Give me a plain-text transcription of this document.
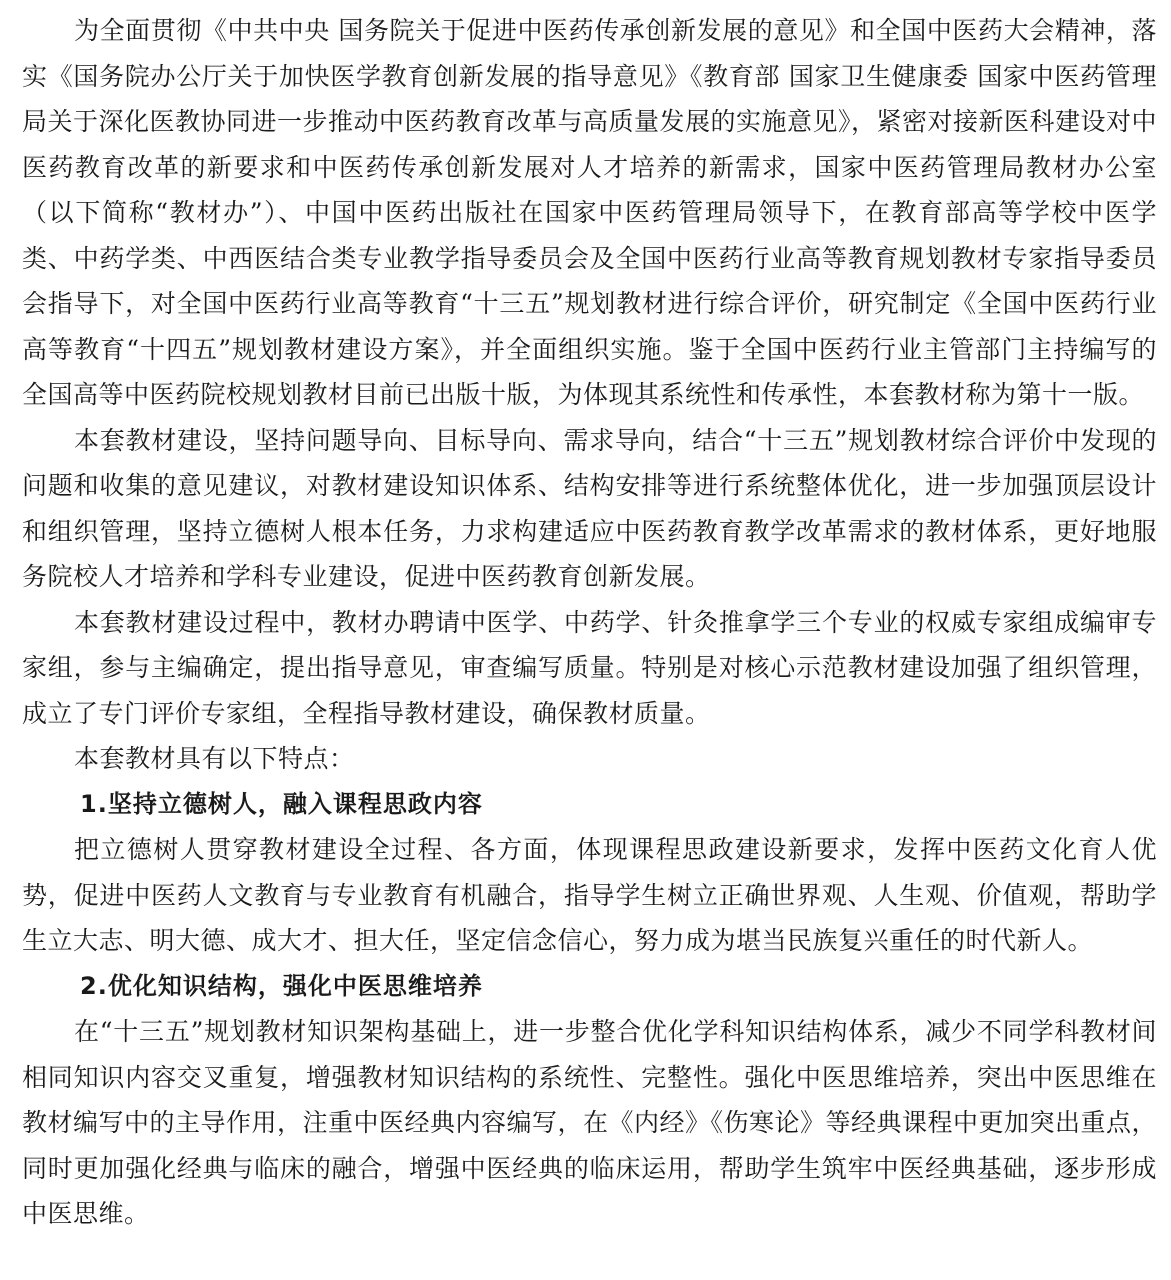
为全面贯彻《中共中央 国务院关于促进中医药传承创新发展的意见》和全国中医药大会精神，落实《国务院办公厅关于加快医学教育创新发展的指导意见》《教育部 国家卫生健康委 国家中医药管理局关于深化医教协同进一步推动中医药教育改革与高质量发展的实施意见》，紧密对接新医科建设对中医药教育改革的新要求和中医药传承创新发展对人才培养的新需求，国家中医药管理局教材办公室（以下简称“教材办”）、中国中医药出版社在国家中医药管理局领导下，在教育部高等学校中医学类、中药学类、中西医结合类专业教学指导委员会及全国中医药行业高等教育规划教材专家指导委员会指导下，对全国中医药行业高等教育“十三五”规划教材进行综合评价，研究制定《全国中医药行业高等教育“十四五”规划教材建设方案》，并全面组织实施。鉴于全国中医药行业主管部门主持编写的全国高等中医药院校规划教材目前已出版十版，为体现其系统性和传承性，本套教材称为第十一版。

本套教材建设，坚持问题导向、目标导向、需求导向，结合“十三五”规划教材综合评价中发现的问题和收集的意见建议，对教材建设知识体系、结构安排等进行系统整体优化，进一步加强顶层设计和组织管理，坚持立德树人根本任务，力求构建适应中医药教育教学改革需求的教材体系，更好地服务院校人才培养和学科专业建设，促进中医药教育创新发展。

本套教材建设过程中，教材办聘请中医学、中药学、针灸推拿学三个专业的权威专家组成编审专家组，参与主编确定，提出指导意见，审查编写质量。特别是对核心示范教材建设加强了组织管理，成立了专门评价专家组，全程指导教材建设，确保教材质量。

本套教材具有以下特点：

1.坚持立德树人，融入课程思政内容

把立德树人贯穿教材建设全过程、各方面，体现课程思政建设新要求，发挥中医药文化育人优势，促进中医药人文教育与专业教育有机融合，指导学生树立正确世界观、人生观、价值观，帮助学生立大志、明大德、成大才、担大任，坚定信念信心，努力成为堪当民族复兴重任的时代新人。

2.优化知识结构，强化中医思维培养

在“十三五”规划教材知识架构基础上，进一步整合优化学科知识结构体系，减少不同学科教材间相同知识内容交叉重复，增强教材知识结构的系统性、完整性。强化中医思维培养，突出中医思维在教材编写中的主导作用，注重中医经典内容编写，在《内经》《伤寒论》等经典课程中更加突出重点，同时更加强化经典与临床的融合，增强中医经典的临床运用，帮助学生筑牢中医经典基础，逐步形成中医思维。
